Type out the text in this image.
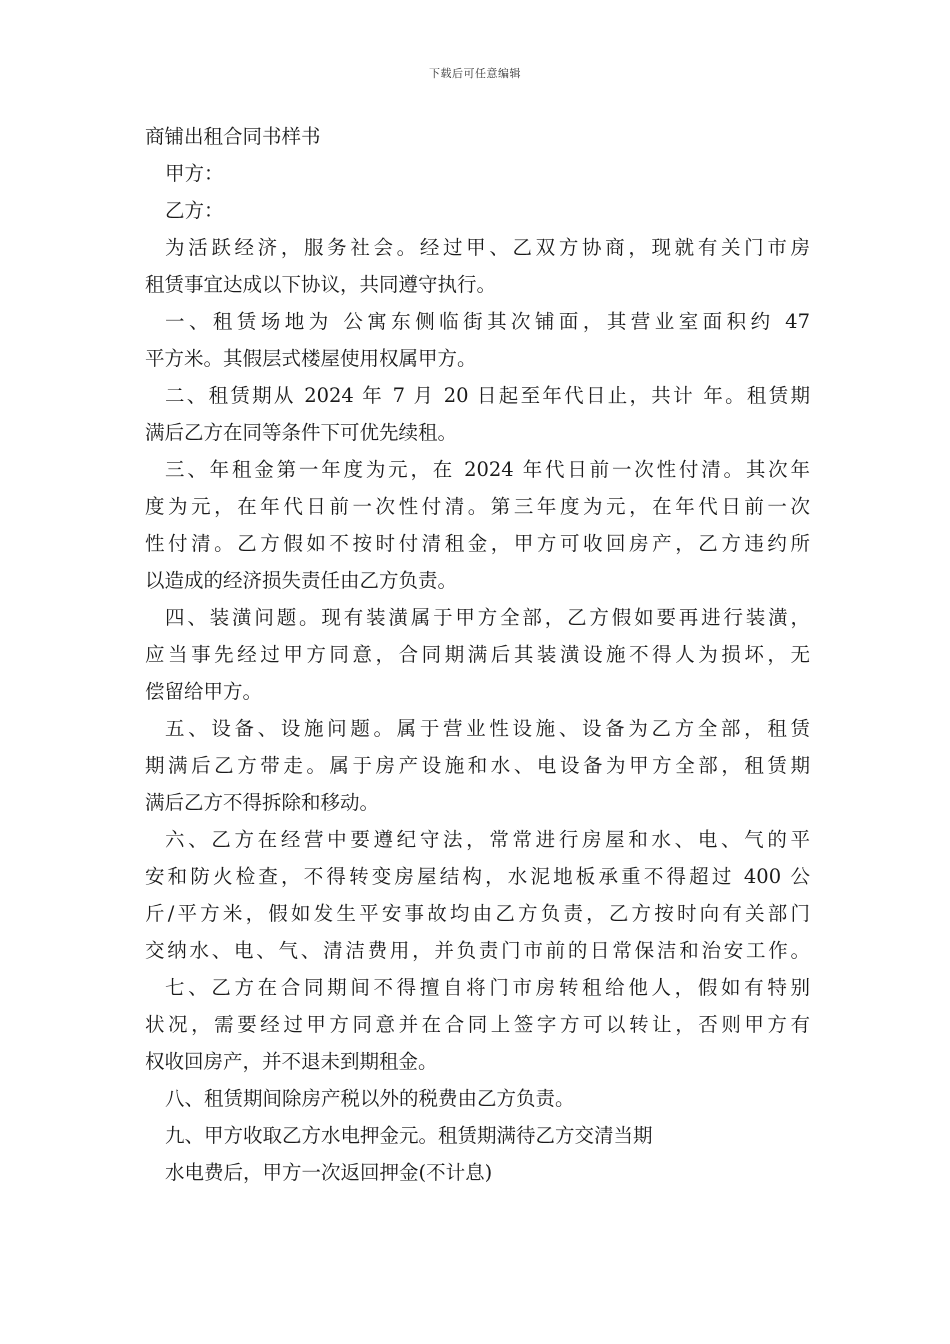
下载后可任意编辑
商铺出租合同书样书
甲方：
乙方：
为活跃经济，服务社会。经过甲、乙双方协商，现就有关门市房
租赁事宜达成以下协议，共同遵守执行。
一、租赁场地为 公寓东侧临街其次铺面，其营业室面积约 47
平方米。其假层式楼屋使用权属甲方。
二、租赁期从 2024 年 7 月 20 日起至年代日止，共计 年。租赁期
满后乙方在同等条件下可优先续租。
三、年租金第一年度为元，在 2024 年代日前一次性付清。其次年
度为元，在年代日前一次性付清。第三年度为元，在年代日前一次
性付清。乙方假如不按时付清租金，甲方可收回房产，乙方违约所
以造成的经济损失责任由乙方负责。
四、装潢问题。现有装潢属于甲方全部，乙方假如要再进行装潢，
应当事先经过甲方同意，合同期满后其装潢设施不得人为损坏，无
偿留给甲方。
五、设备、设施问题。属于营业性设施、设备为乙方全部，租赁
期满后乙方带走。属于房产设施和水、电设备为甲方全部，租赁期
满后乙方不得拆除和移动。
六、乙方在经营中要遵纪守法，常常进行房屋和水、电、气的平
安和防火检查，不得转变房屋结构，水泥地板承重不得超过 400 公
斤/平方米，假如发生平安事故均由乙方负责，乙方按时向有关部门
交纳水、电、气、清洁费用，并负责门市前的日常保洁和治安工作。
七、乙方在合同期间不得擅自将门市房转租给他人，假如有特别
状况，需要经过甲方同意并在合同上签字方可以转让，否则甲方有
权收回房产，并不退未到期租金。
八、租赁期间除房产税以外的税费由乙方负责。
九、甲方收取乙方水电押金元。租赁期满待乙方交清当期
水电费后，甲方一次返回押金(不计息)
